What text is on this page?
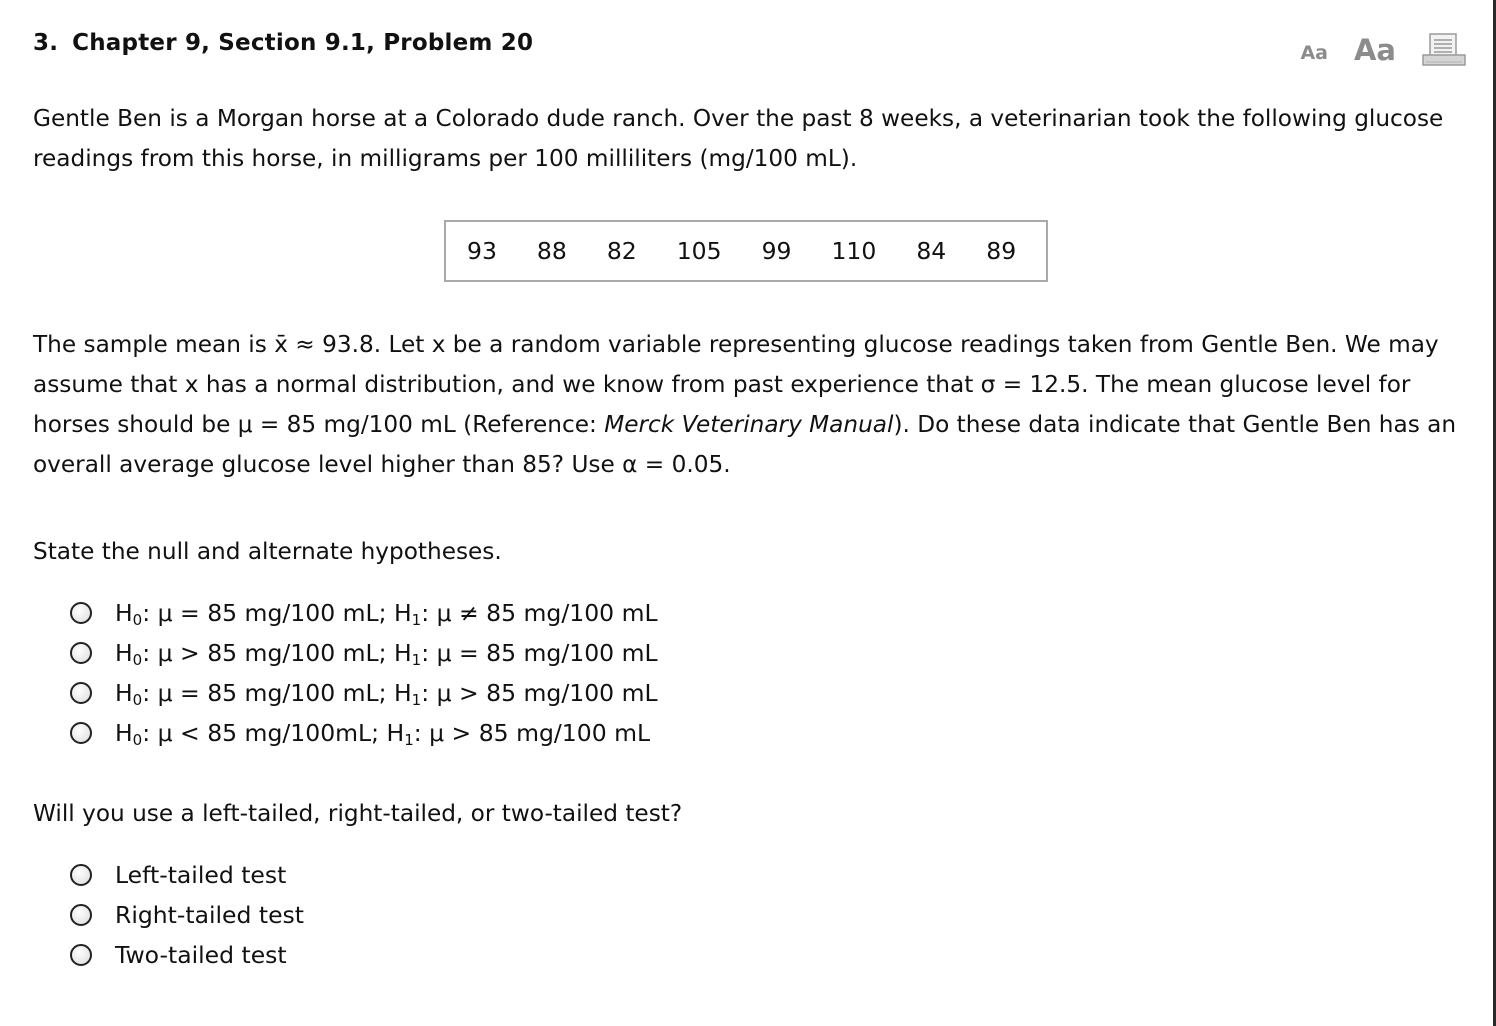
3. Chapter 9, Section 9.1, Problem 20	Aa Aa
Gentle Ben is a Morgan horse at a Colorado dude ranch. Over the past 8 weeks, a veterinarian took the following glucose readings from this horse, in milligrams per 100 milliliters (mg/100 mL).
93 88 82 105 99 110 84 89
The sample mean is x̄ ≈ 93.8. Let x be a random variable representing glucose readings taken from Gentle Ben. We may assume that x has a normal distribution, and we know from past experience that σ = 12.5. The mean glucose level for horses should be μ = 85 mg/100 mL (Reference: Merck Veterinary Manual). Do these data indicate that Gentle Ben has an overall average glucose level higher than 85? Use α = 0.05.
State the null and alternate hypotheses.
$H_0$: μ = 85 mg/100 mL; $H_1$: μ ≠ 85 mg/100 mL
$H_0$: μ > 85 mg/100 mL; $H_1$: μ = 85 mg/100 mL
$H_0$: μ = 85 mg/100 mL; $H_1$: μ > 85 mg/100 mL
$H_0$: μ < 85 mg/100mL; $H_1$: μ > 85 mg/100 mL
Will you use a left-tailed, right-tailed, or two-tailed test?
Left-tailed test
Right-tailed test
Two-tailed test
